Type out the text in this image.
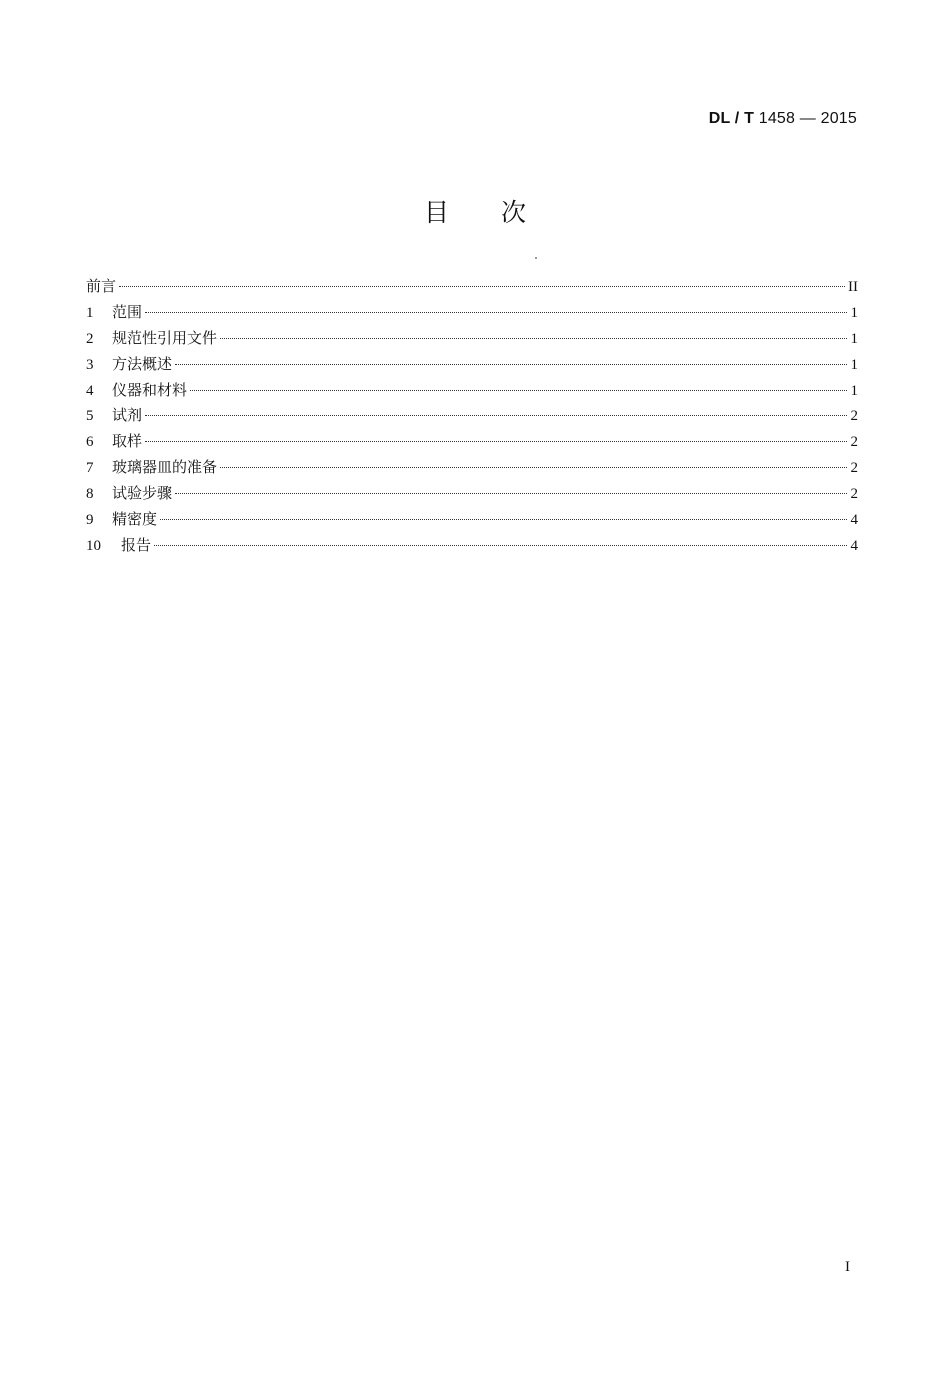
DL / T 1458 — 2015
目 次
前言	II
1	范围	1
2	规范性引用文件	1
3	方法概述	1
4	仪器和材料	1
5	试剂	2
6	取样	2
7	玻璃器皿的准备	2
8	试验步骤	2
9	精密度	4
10	报告	4
I
